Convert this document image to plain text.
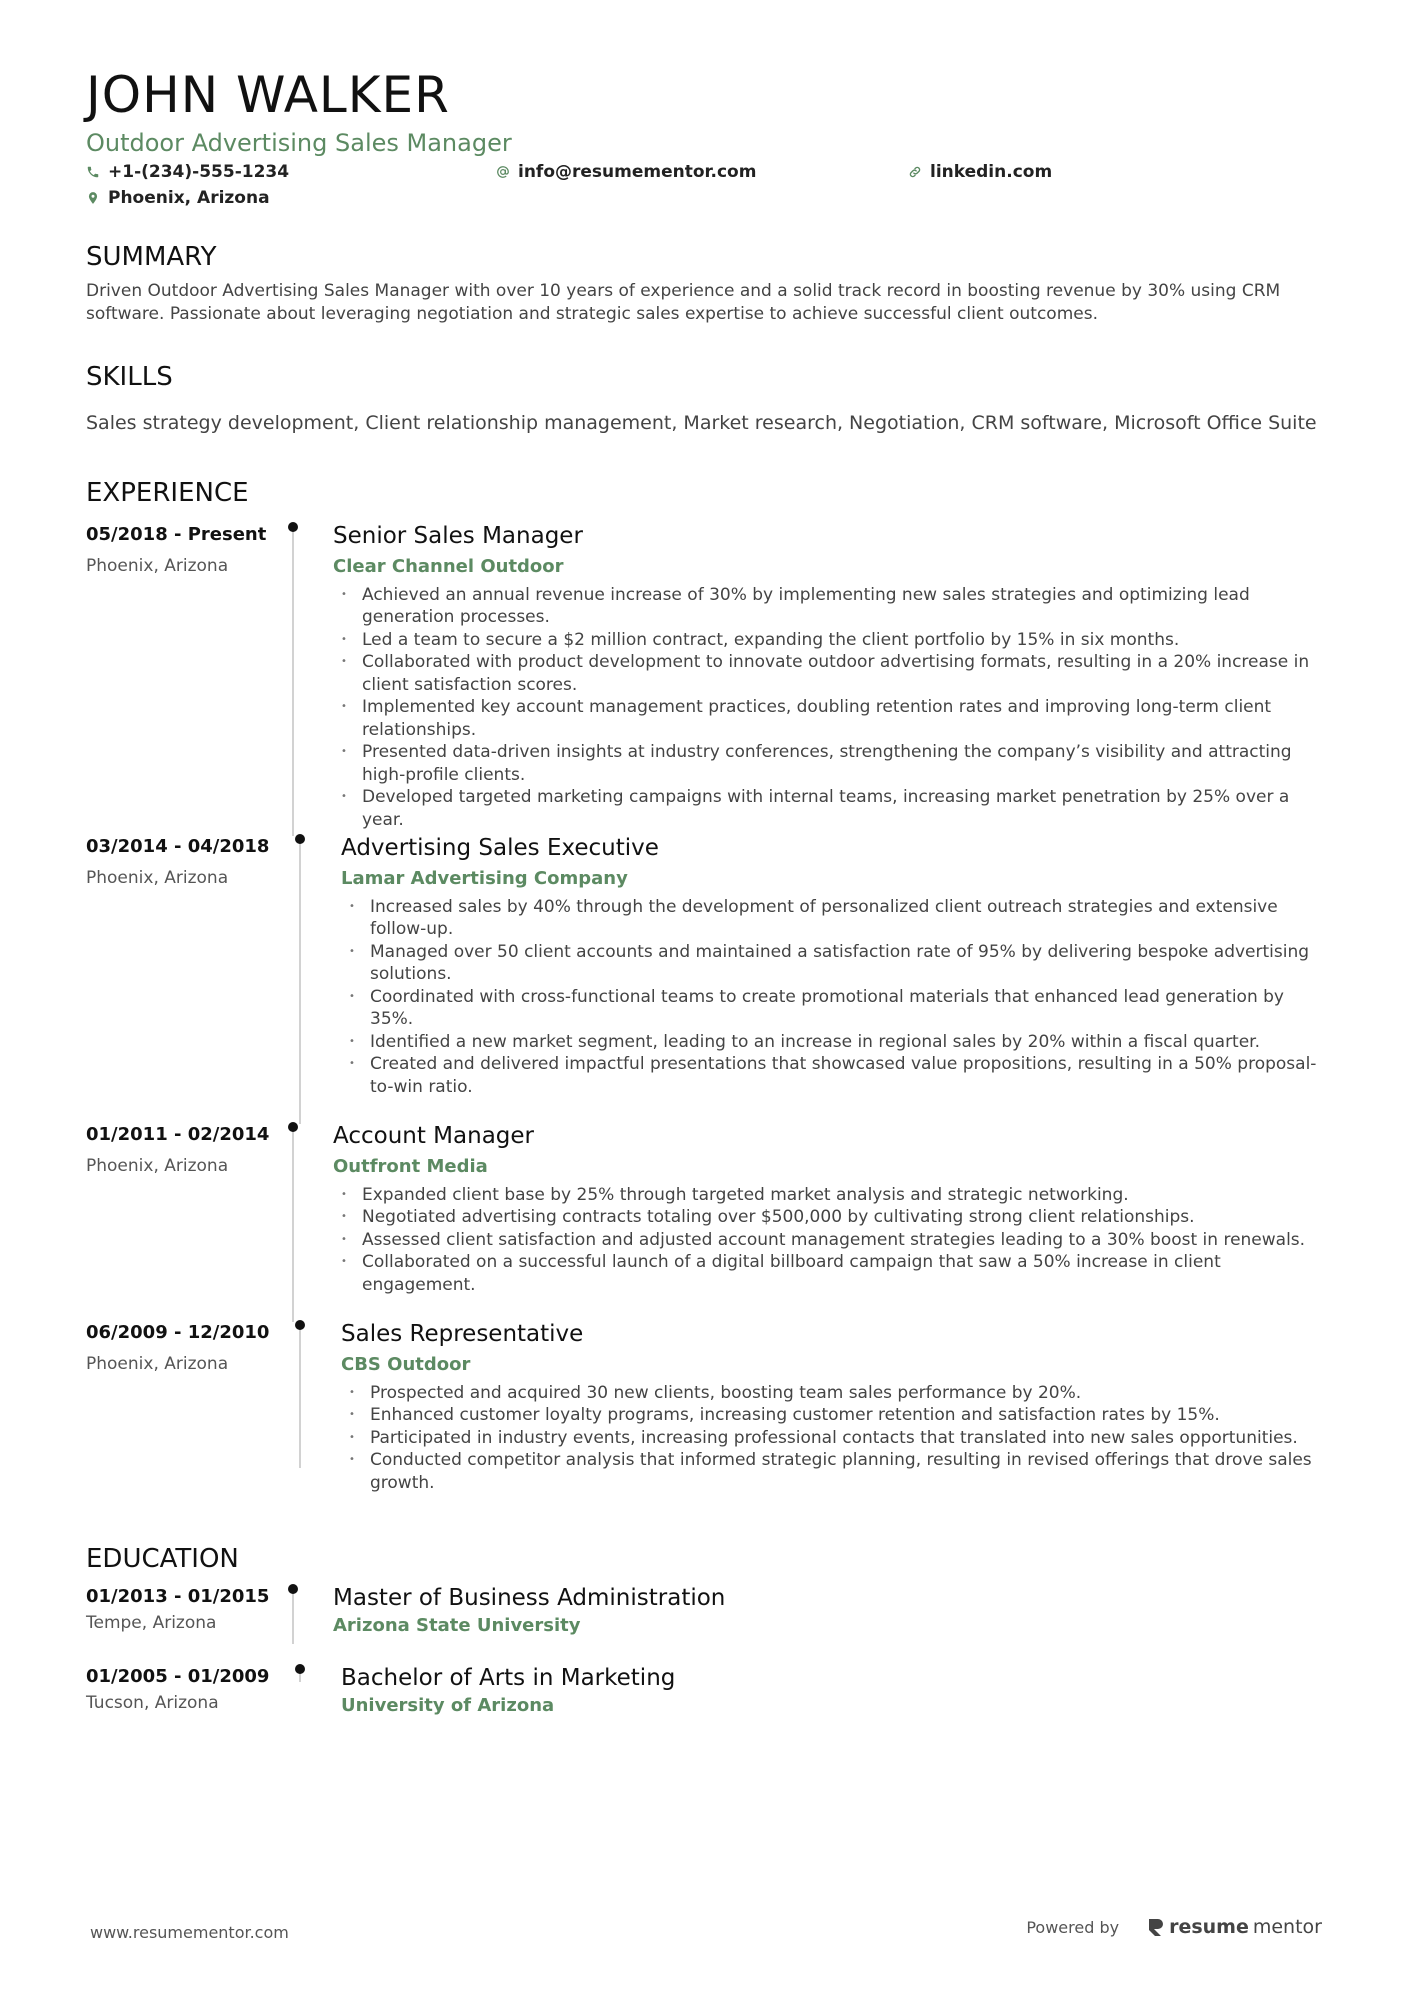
JOHN WALKER
Outdoor Advertising Sales Manager
+1-(234)-555-1234	info@resumementor.com	linkedin.com
Phoenix, Arizona
SUMMARY
Driven Outdoor Advertising Sales Manager with over 10 years of experience and a solid track record in boosting revenue by 30% using CRM software. Passionate about leveraging negotiation and strategic sales expertise to achieve successful client outcomes.
SKILLS
Sales strategy development, Client relationship management, Market research, Negotiation, CRM software, Microsoft Office Suite
EXPERIENCE
05/2018 - Present
Phoenix, Arizona
Senior Sales Manager
Clear Channel Outdoor
• Achieved an annual revenue increase of 30% by implementing new sales strategies and optimizing lead generation processes.
• Led a team to secure a $2 million contract, expanding the client portfolio by 15% in six months.
• Collaborated with product development to innovate outdoor advertising formats, resulting in a 20% increase in client satisfaction scores.
• Implemented key account management practices, doubling retention rates and improving long-term client relationships.
• Presented data-driven insights at industry conferences, strengthening the company’s visibility and attracting high-profile clients.
• Developed targeted marketing campaigns with internal teams, increasing market penetration by 25% over a year.
03/2014 - 04/2018
Phoenix, Arizona
Advertising Sales Executive
Lamar Advertising Company
• Increased sales by 40% through the development of personalized client outreach strategies and extensive follow-up.
• Managed over 50 client accounts and maintained a satisfaction rate of 95% by delivering bespoke advertising solutions.
• Coordinated with cross-functional teams to create promotional materials that enhanced lead generation by 35%.
• Identified a new market segment, leading to an increase in regional sales by 20% within a fiscal quarter.
• Created and delivered impactful presentations that showcased value propositions, resulting in a 50% proposal-to-win ratio.
01/2011 - 02/2014
Phoenix, Arizona
Account Manager
Outfront Media
• Expanded client base by 25% through targeted market analysis and strategic networking.
• Negotiated advertising contracts totaling over $500,000 by cultivating strong client relationships.
• Assessed client satisfaction and adjusted account management strategies leading to a 30% boost in renewals.
• Collaborated on a successful launch of a digital billboard campaign that saw a 50% increase in client engagement.
06/2009 - 12/2010
Phoenix, Arizona
Sales Representative
CBS Outdoor
• Prospected and acquired 30 new clients, boosting team sales performance by 20%.
• Enhanced customer loyalty programs, increasing customer retention and satisfaction rates by 15%.
• Participated in industry events, increasing professional contacts that translated into new sales opportunities.
• Conducted competitor analysis that informed strategic planning, resulting in revised offerings that drove sales growth.
EDUCATION
01/2013 - 01/2015
Tempe, Arizona
Master of Business Administration
Arizona State University
01/2005 - 01/2009
Tucson, Arizona
Bachelor of Arts in Marketing
University of Arizona
www.resumementor.com	Powered by	resume mentor
